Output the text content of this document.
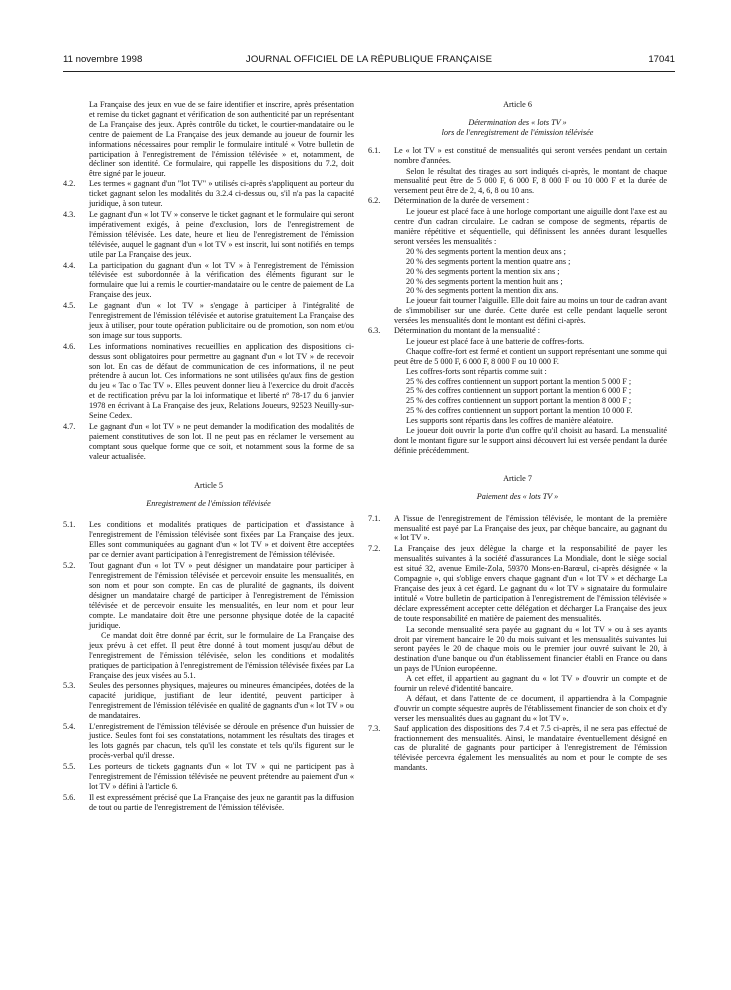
11 novembre 1998	JOURNAL OFFICIEL DE LA RÉPUBLIQUE FRANÇAISE	17041

La Française des jeux en vue de se faire identifier et inscrire, après présentation et remise du ticket gagnant et vérification de son authenticité par un représentant de La Française des jeux. Après contrôle du ticket, le courtier-mandataire ou le centre de paiement de La Française des jeux demande au joueur de fournir les informations nécessaires pour remplir le formulaire intitulé « Votre bulletin de participation à l'enregistrement de l'émission télévisée » et, notamment, de décliner son identité. Ce formulaire, qui rappelle les dispositions du 7.2, doit être signé par le joueur.

4.2. Les termes « gagnant d'un "lot TV" » utilisés ci-après s'appliquent au porteur du ticket gagnant selon les modalités du 3.2.4 ci-dessus ou, s'il n'a pas la capacité juridique, à son tuteur.

4.3. Le gagnant d'un « lot TV » conserve le ticket gagnant et le formulaire qui seront impérativement exigés, à peine d'exclusion, lors de l'enregistrement de l'émission télévisée. Les date, heure et lieu de l'enregistrement de l'émission télévisée, auquel le gagnant d'un « lot TV » est inscrit, lui sont notifiés en temps utile par La Française des jeux.

4.4. La participation du gagnant d'un « lot TV » à l'enregistrement de l'émission télévisée est subordonnée à la vérification des éléments figurant sur le formulaire que lui a remis le courtier-mandataire ou le centre de paiement de La Française des jeux.

4.5. Le gagnant d'un « lot TV » s'engage à participer à l'intégralité de l'enregistrement de l'émission télévisée et autorise gratuitement La Française des jeux à utiliser, pour toute opération publicitaire ou de promotion, son nom et/ou son image sur tous supports.

4.6. Les informations nominatives recueillies en application des dispositions ci-dessus sont obligatoires pour permettre au gagnant d'un « lot TV » de recevoir son lot. En cas de défaut de communication de ces informations, il ne peut prétendre à aucun lot. Ces informations ne sont utilisées qu'aux fins de gestion du jeu « Tac o Tac TV ». Elles peuvent donner lieu à l'exercice du droit d'accès et de rectification prévu par la loi informatique et liberté nº 78-17 du 6 janvier 1978 en écrivant à La Française des jeux, Relations Joueurs, 92523 Neuilly-sur-Seine Cedex.

4.7. Le gagnant d'un « lot TV » ne peut demander la modification des modalités de paiement constitutives de son lot. Il ne peut pas en réclamer le versement au comptant sous quelque forme que ce soit, et notamment sous la forme de sa valeur actualisée.

Article 5

Enregistrement de l'émission télévisée

5.1. Les conditions et modalités pratiques de participation et d'assistance à l'enregistrement de l'émission télévisée sont fixées par La Française des jeux. Elles sont communiquées au gagnant d'un « lot TV » et doivent être acceptées par ce dernier avant participation à l'enregistrement de l'émission télévisée.

5.2. Tout gagnant d'un « lot TV » peut désigner un mandataire pour participer à l'enregistrement de l'émission télévisée et percevoir ensuite les mensualités, en son nom et pour son compte. En cas de pluralité de gagnants, ils doivent désigner un mandataire chargé de participer à l'enregistrement de l'émission télévisée et de percevoir ensuite les mensualités, en leur nom et pour leur compte. Le mandataire doit être une personne physique dotée de la capacité juridique.

Ce mandat doit être donné par écrit, sur le formulaire de La Française des jeux prévu à cet effet. Il peut être donné à tout moment jusqu'au début de l'enregistrement de l'émission télévisée, selon les conditions et modalités pratiques de participation à l'enregistrement de l'émission télévisée fixées par La Française des jeux visées au 5.1.

5.3. Seules des personnes physiques, majeures ou mineures émancipées, dotées de la capacité juridique, justifiant de leur identité, peuvent participer à l'enregistrement de l'émission télévisée en qualité de gagnants d'un « lot TV » ou de mandataires.

5.4. L'enregistrement de l'émission télévisée se déroule en présence d'un huissier de justice. Seules font foi ses constatations, notamment les résultats des tirages et les lots gagnés par chacun, tels qu'il les constate et tels qu'ils figurent sur le procès-verbal qu'il dresse.

5.5. Les porteurs de tickets gagnants d'un « lot TV » qui ne participent pas à l'enregistrement de l'émission télévisée ne peuvent prétendre au paiement d'un « lot TV » défini à l'article 6.

5.6. Il est expressément précisé que La Française des jeux ne garantit pas la diffusion de tout ou partie de l'enregistrement de l'émission télévisée.

Article 6

Détermination des « lots TV »

lors de l'enregistrement de l'émission télévisée

6.1. Le « lot TV » est constitué de mensualités qui seront versées pendant un certain nombre d'années.

Selon le résultat des tirages au sort indiqués ci-après, le montant de chaque mensualité peut être de 5 000 F, 6 000 F, 8 000 F ou 10 000 F et la durée de versement peut être de 2, 4, 6, 8 ou 10 ans.

6.2. Détermination de la durée de versement :

Le joueur est placé face à une horloge comportant une aiguille dont l'axe est au centre d'un cadran circulaire. Le cadran se compose de segments, répartis de manière répétitive et séquentielle, qui définissent les années durant lesquelles seront versées les mensualités :

20 % des segments portent la mention deux ans ;

20 % des segments portent la mention quatre ans ;

20 % des segments portent la mention six ans ;

20 % des segments portent la mention huit ans ;

20 % des segments portent la mention dix ans.

Le joueur fait tourner l'aiguille. Elle doit faire au moins un tour de cadran avant de s'immobiliser sur une durée. Cette durée est celle pendant laquelle seront versées les mensualités dont le montant est défini ci-après.

6.3. Détermination du montant de la mensualité :

Le joueur est placé face à une batterie de coffres-forts.

Chaque coffre-fort est fermé et contient un support représentant une somme qui peut être de 5 000 F, 6 000 F, 8 000 F ou 10 000 F.

Les coffres-forts sont répartis comme suit :

25 % des coffres contiennent un support portant la mention 5 000 F ;

25 % des coffres contiennent un support portant la mention 6 000 F ;

25 % des coffres contiennent un support portant la mention 8 000 F ;

25 % des coffres contiennent un support portant la mention 10 000 F.

Les supports sont répartis dans les coffres de manière aléatoire.

Le joueur doit ouvrir la porte d'un coffre qu'il choisit au hasard. La mensualité dont le montant figure sur le support ainsi découvert lui est versée pendant la durée définie précédemment.

Article 7

Paiement des « lots TV »

7.1. A l'issue de l'enregistrement de l'émission télévisée, le montant de la première mensualité est payé par La Française des jeux, par chèque bancaire, au gagnant du « lot TV ».

7.2. La Française des jeux délègue la charge et la responsabilité de payer les mensualités suivantes à la société d'assurances La Mondiale, dont le siège social est situé 32, avenue Emile-Zola, 59370 Mons-en-Barœul, ci-après désignée « la Compagnie », qui s'oblige envers chaque gagnant d'un « lot TV » et décharge La Française des jeux à cet égard. Le gagnant du « lot TV » signataire du formulaire intitulé « Votre bulletin de participation à l'enregistrement de l'émission télévisée » déclare expressément accepter cette délégation et décharger La Française des jeux de toute responsabilité en matière de paiement des mensualités.

La seconde mensualité sera payée au gagnant du « lot TV » ou à ses ayants droit par virement bancaire le 20 du mois suivant et les mensualités suivantes lui seront payées le 20 de chaque mois ou le premier jour ouvré suivant le 20, à destination d'une banque ou d'un établissement financier établi en France ou dans un pays de l'Union européenne.

A cet effet, il appartient au gagnant du « lot TV » d'ouvrir un compte et de fournir un relevé d'identité bancaire.

A défaut, et dans l'attente de ce document, il appartiendra à la Compagnie d'ouvrir un compte séquestre auprès de l'établissement financier de son choix et d'y verser les mensualités dues au gagnant du « lot TV ».

7.3. Sauf application des dispositions des 7.4 et 7.5 ci-après, il ne sera pas effectué de fractionnement des mensualités. Ainsi, le mandataire éventuellement désigné en cas de pluralité de gagnants pour participer à l'enregistrement de l'émission télévisée percevra également les mensualités au nom et pour le compte de ses mandants.
